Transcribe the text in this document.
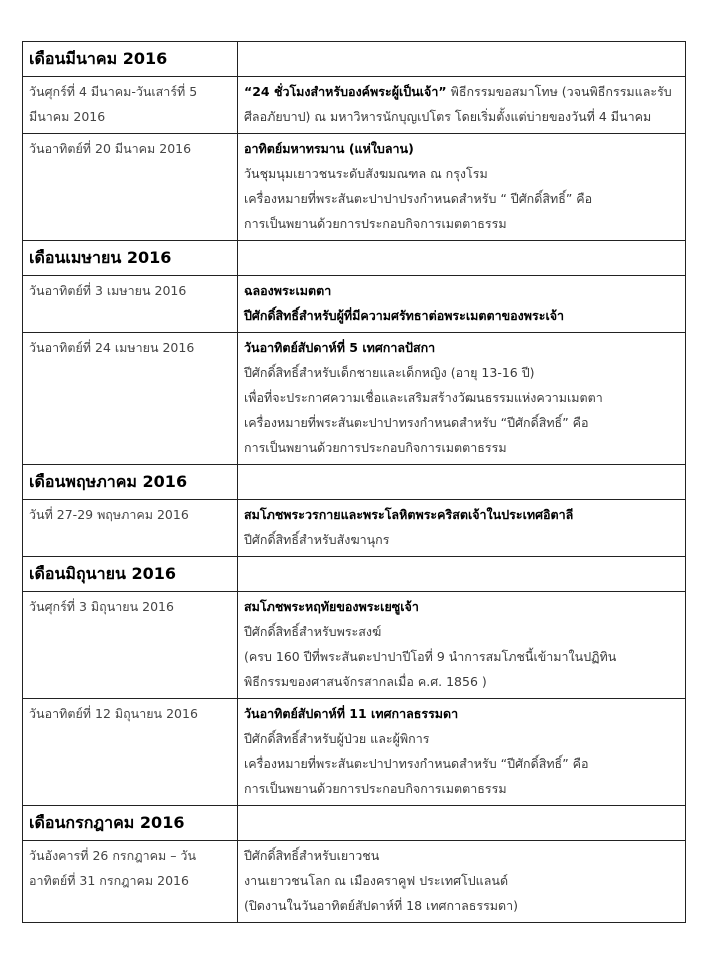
เดือนมีนาคม 2016	

วันศุกร์ที่ 4 มีนาคม-วันเสาร์ที่ 5 มีนาคม 2016	“24 ชั่วโมงสำหรับองค์พระผู้เป็นเจ้า” พิธีกรรมขอสมาโทษ (วจนพิธีกรรมและรับศีลอภัยบาป) ณ มหาวิหารนักบุญเปโตร โดยเริ่มตั้งแต่บ่ายของวันที่ 4 มีนาคม

วันอาทิตย์ที่ 20 มีนาคม 2016	อาทิตย์มหาทรมาน (แห่ใบลาน)
วันชุมนุมเยาวชนระดับสังฆมณฑล ณ กรุงโรม
เครื่องหมายที่พระสันตะปาปาปรงกำหนดสำหรับ “ ปีศักดิ์สิทธิ์” คือ
การเป็นพยานด้วยการประกอบกิจการเมตตาธรรม

เดือนเมษายน 2016	

วันอาทิตย์ที่ 3 เมษายน 2016	ฉลองพระเมตตา
ปีศักดิ์สิทธิ์สำหรับผู้ที่มีความศรัทธาต่อพระเมตตาของพระเจ้า

วันอาทิตย์ที่ 24 เมษายน 2016	วันอาทิตย์สัปดาห์ที่ 5 เทศกาลปัสกา
ปีศักดิ์สิทธิ์สำหรับเด็กชายและเด็กหญิง (อายุ 13-16 ปี)
เพื่อที่จะประกาศความเชื่อและเสริมสร้างวัฒนธรรมแห่งความเมตตา
เครื่องหมายที่พระสันตะปาปาทรงกำหนดสำหรับ “ปีศักดิ์สิทธิ์” คือ
การเป็นพยานด้วยการประกอบกิจการเมตตาธรรม

เดือนพฤษภาคม 2016	

วันที่ 27-29 พฤษภาคม 2016	สมโภชพระวรกายและพระโลหิตพระคริสตเจ้าในประเทศอิตาลี
ปีศักดิ์สิทธิ์สำหรับสังฆานุกร

เดือนมิถุนายน 2016	

วันศุกร์ที่ 3 มิถุนายน 2016	สมโภชพระหฤทัยของพระเยซูเจ้า
ปีศักดิ์สิทธิ์สำหรับพระสงฆ์
(ครบ 160 ปีที่พระสันตะปาปาปีโอที่ 9 นำการสมโภชนี้เข้ามาในปฏิทิน
พิธีกรรมของศาสนจักรสากลเมื่อ ค.ศ. 1856 )

วันอาทิตย์ที่ 12 มิถุนายน 2016	วันอาทิตย์สัปดาห์ที่ 11 เทศกาลธรรมดา
ปีศักดิ์สิทธิ์สำหรับผู้ป่วย และผู้พิการ
เครื่องหมายที่พระสันตะปาปาทรงกำหนดสำหรับ “ปีศักดิ์สิทธิ์” คือ
การเป็นพยานด้วยการประกอบกิจการเมตตาธรรม

เดือนกรกฎาคม 2016	

วันอังคารที่ 26 กรกฎาคม – วันอาทิตย์ที่ 31 กรกฎาคม 2016	ปีศักดิ์สิทธิ์สำหรับเยาวชน
งานเยาวชนโลก ณ เมืองคราคูฟ ประเทศโปแลนด์
(ปิดงานในวันอาทิตย์สัปดาห์ที่ 18 เทศกาลธรรมดา)
